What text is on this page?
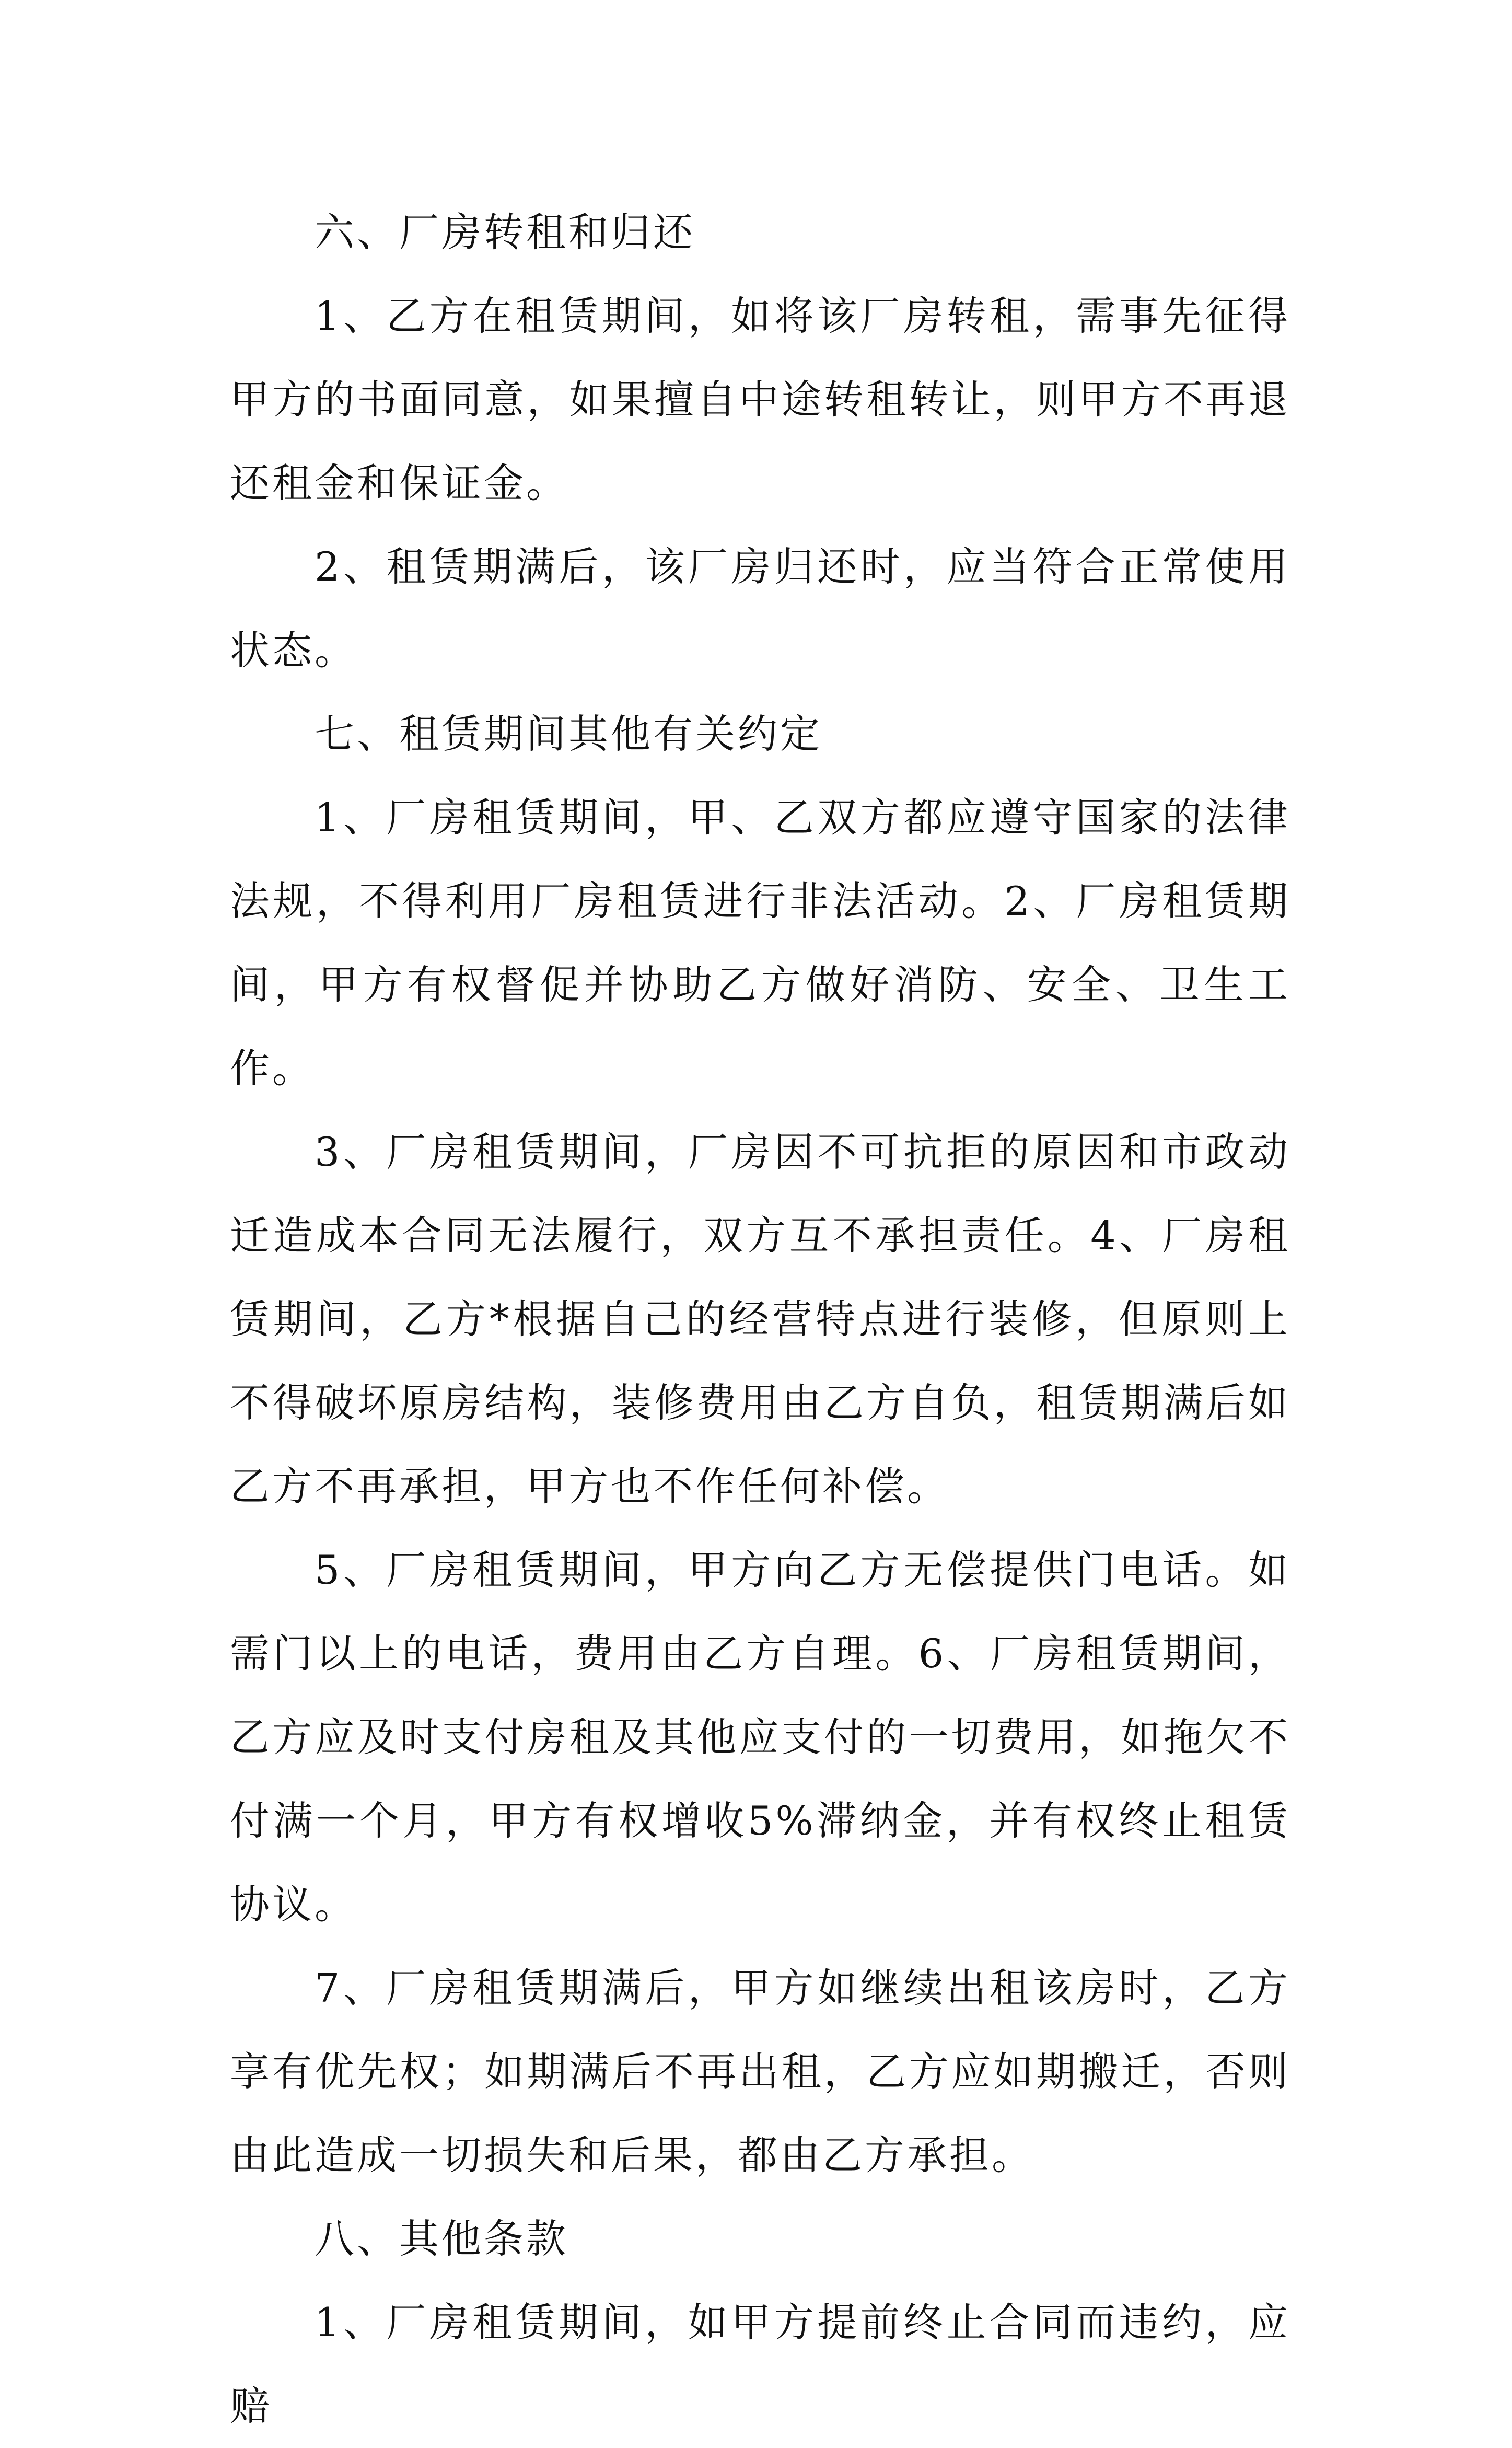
六、厂房转租和归还

1、乙方在租赁期间，如将该厂房转租，需事先征得甲方的书面同意，如果擅自中途转租转让，则甲方不再退还租金和保证金。

2、租赁期满后，该厂房归还时，应当符合正常使用状态。

七、租赁期间其他有关约定

1、厂房租赁期间，甲、乙双方都应遵守国家的法律法规，不得利用厂房租赁进行非法活动。2、厂房租赁期间，甲方有权督促并协助乙方做好消防、安全、卫生工作。

3、厂房租赁期间，厂房因不可抗拒的原因和市政动迁造成本合同无法履行，双方互不承担责任。4、厂房租赁期间，乙方*根据自己的经营特点进行装修，但原则上不得破坏原房结构，装修费用由乙方自负，租赁期满后如乙方不再承担，甲方也不作任何补偿。

5、厂房租赁期间，甲方向乙方无偿提供门电话。如需门以上的电话，费用由乙方自理。6、厂房租赁期间，乙方应及时支付房租及其他应支付的一切费用，如拖欠不付满一个月，甲方有权增收5%滞纳金，并有权终止租赁协议。

7、厂房租赁期满后，甲方如继续出租该房时，乙方享有优先权；如期满后不再出租，乙方应如期搬迁，否则由此造成一切损失和后果，都由乙方承担。

八、其他条款

1、厂房租赁期间，如甲方提前终止合同而违约，应赔
